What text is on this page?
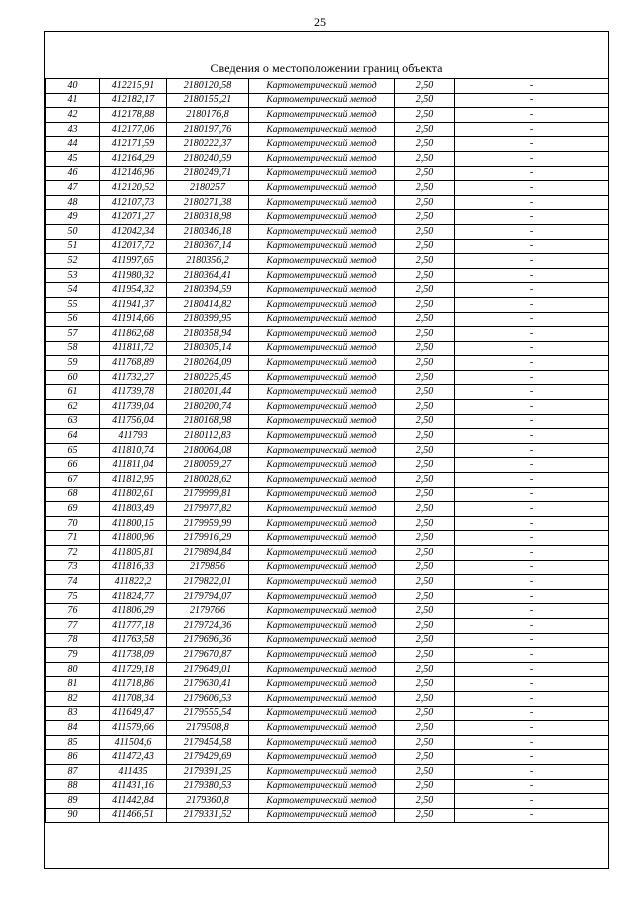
25
Сведения о местоположении границ объекта
40	412215,91	2180120,58	Картометрический метод	2,50	-
41	412182,17	2180155,21	Картометрический метод	2,50	-
42	412178,88	2180176,8	Картометрический метод	2,50	-
43	412177,06	2180197,76	Картометрический метод	2,50	-
44	412171,59	2180222,37	Картометрический метод	2,50	-
45	412164,29	2180240,59	Картометрический метод	2,50	-
46	412146,96	2180249,71	Картометрический метод	2,50	-
47	412120,52	2180257	Картометрический метод	2,50	-
48	412107,73	2180271,38	Картометрический метод	2,50	-
49	412071,27	2180318,98	Картометрический метод	2,50	-
50	412042,34	2180346,18	Картометрический метод	2,50	-
51	412017,72	2180367,14	Картометрический метод	2,50	-
52	411997,65	2180356,2	Картометрический метод	2,50	-
53	411980,32	2180364,41	Картометрический метод	2,50	-
54	411954,32	2180394,59	Картометрический метод	2,50	-
55	411941,37	2180414,82	Картометрический метод	2,50	-
56	411914,66	2180399,95	Картометрический метод	2,50	-
57	411862,68	2180358,94	Картометрический метод	2,50	-
58	411811,72	2180305,14	Картометрический метод	2,50	-
59	411768,89	2180264,09	Картометрический метод	2,50	-
60	411732,27	2180225,45	Картометрический метод	2,50	-
61	411739,78	2180201,44	Картометрический метод	2,50	-
62	411739,04	2180200,74	Картометрический метод	2,50	-
63	411756,04	2180168,98	Картометрический метод	2,50	-
64	411793	2180112,83	Картометрический метод	2,50	-
65	411810,74	2180064,08	Картометрический метод	2,50	-
66	411811,04	2180059,27	Картометрический метод	2,50	-
67	411812,95	2180028,62	Картометрический метод	2,50	-
68	411802,61	2179999,81	Картометрический метод	2,50	-
69	411803,49	2179977,82	Картометрический метод	2,50	-
70	411800,15	2179959,99	Картометрический метод	2,50	-
71	411800,96	2179916,29	Картометрический метод	2,50	-
72	411805,81	2179894,84	Картометрический метод	2,50	-
73	411816,33	2179856	Картометрический метод	2,50	-
74	411822,2	2179822,01	Картометрический метод	2,50	-
75	411824,77	2179794,07	Картометрический метод	2,50	-
76	411806,29	2179766	Картометрический метод	2,50	-
77	411777,18	2179724,36	Картометрический метод	2,50	-
78	411763,58	2179696,36	Картометрический метод	2,50	-
79	411738,09	2179670,87	Картометрический метод	2,50	-
80	411729,18	2179649,01	Картометрический метод	2,50	-
81	411718,86	2179630,41	Картометрический метод	2,50	-
82	411708,34	2179606,53	Картометрический метод	2,50	-
83	411649,47	2179555,54	Картометрический метод	2,50	-
84	411579,66	2179508,8	Картометрический метод	2,50	-
85	411504,6	2179454,58	Картометрический метод	2,50	-
86	411472,43	2179429,69	Картометрический метод	2,50	-
87	411435	2179391,25	Картометрический метод	2,50	-
88	411431,16	2179380,53	Картометрический метод	2,50	-
89	411442,84	2179360,8	Картометрический метод	2,50	-
90	411466,51	2179331,52	Картометрический метод	2,50	-
